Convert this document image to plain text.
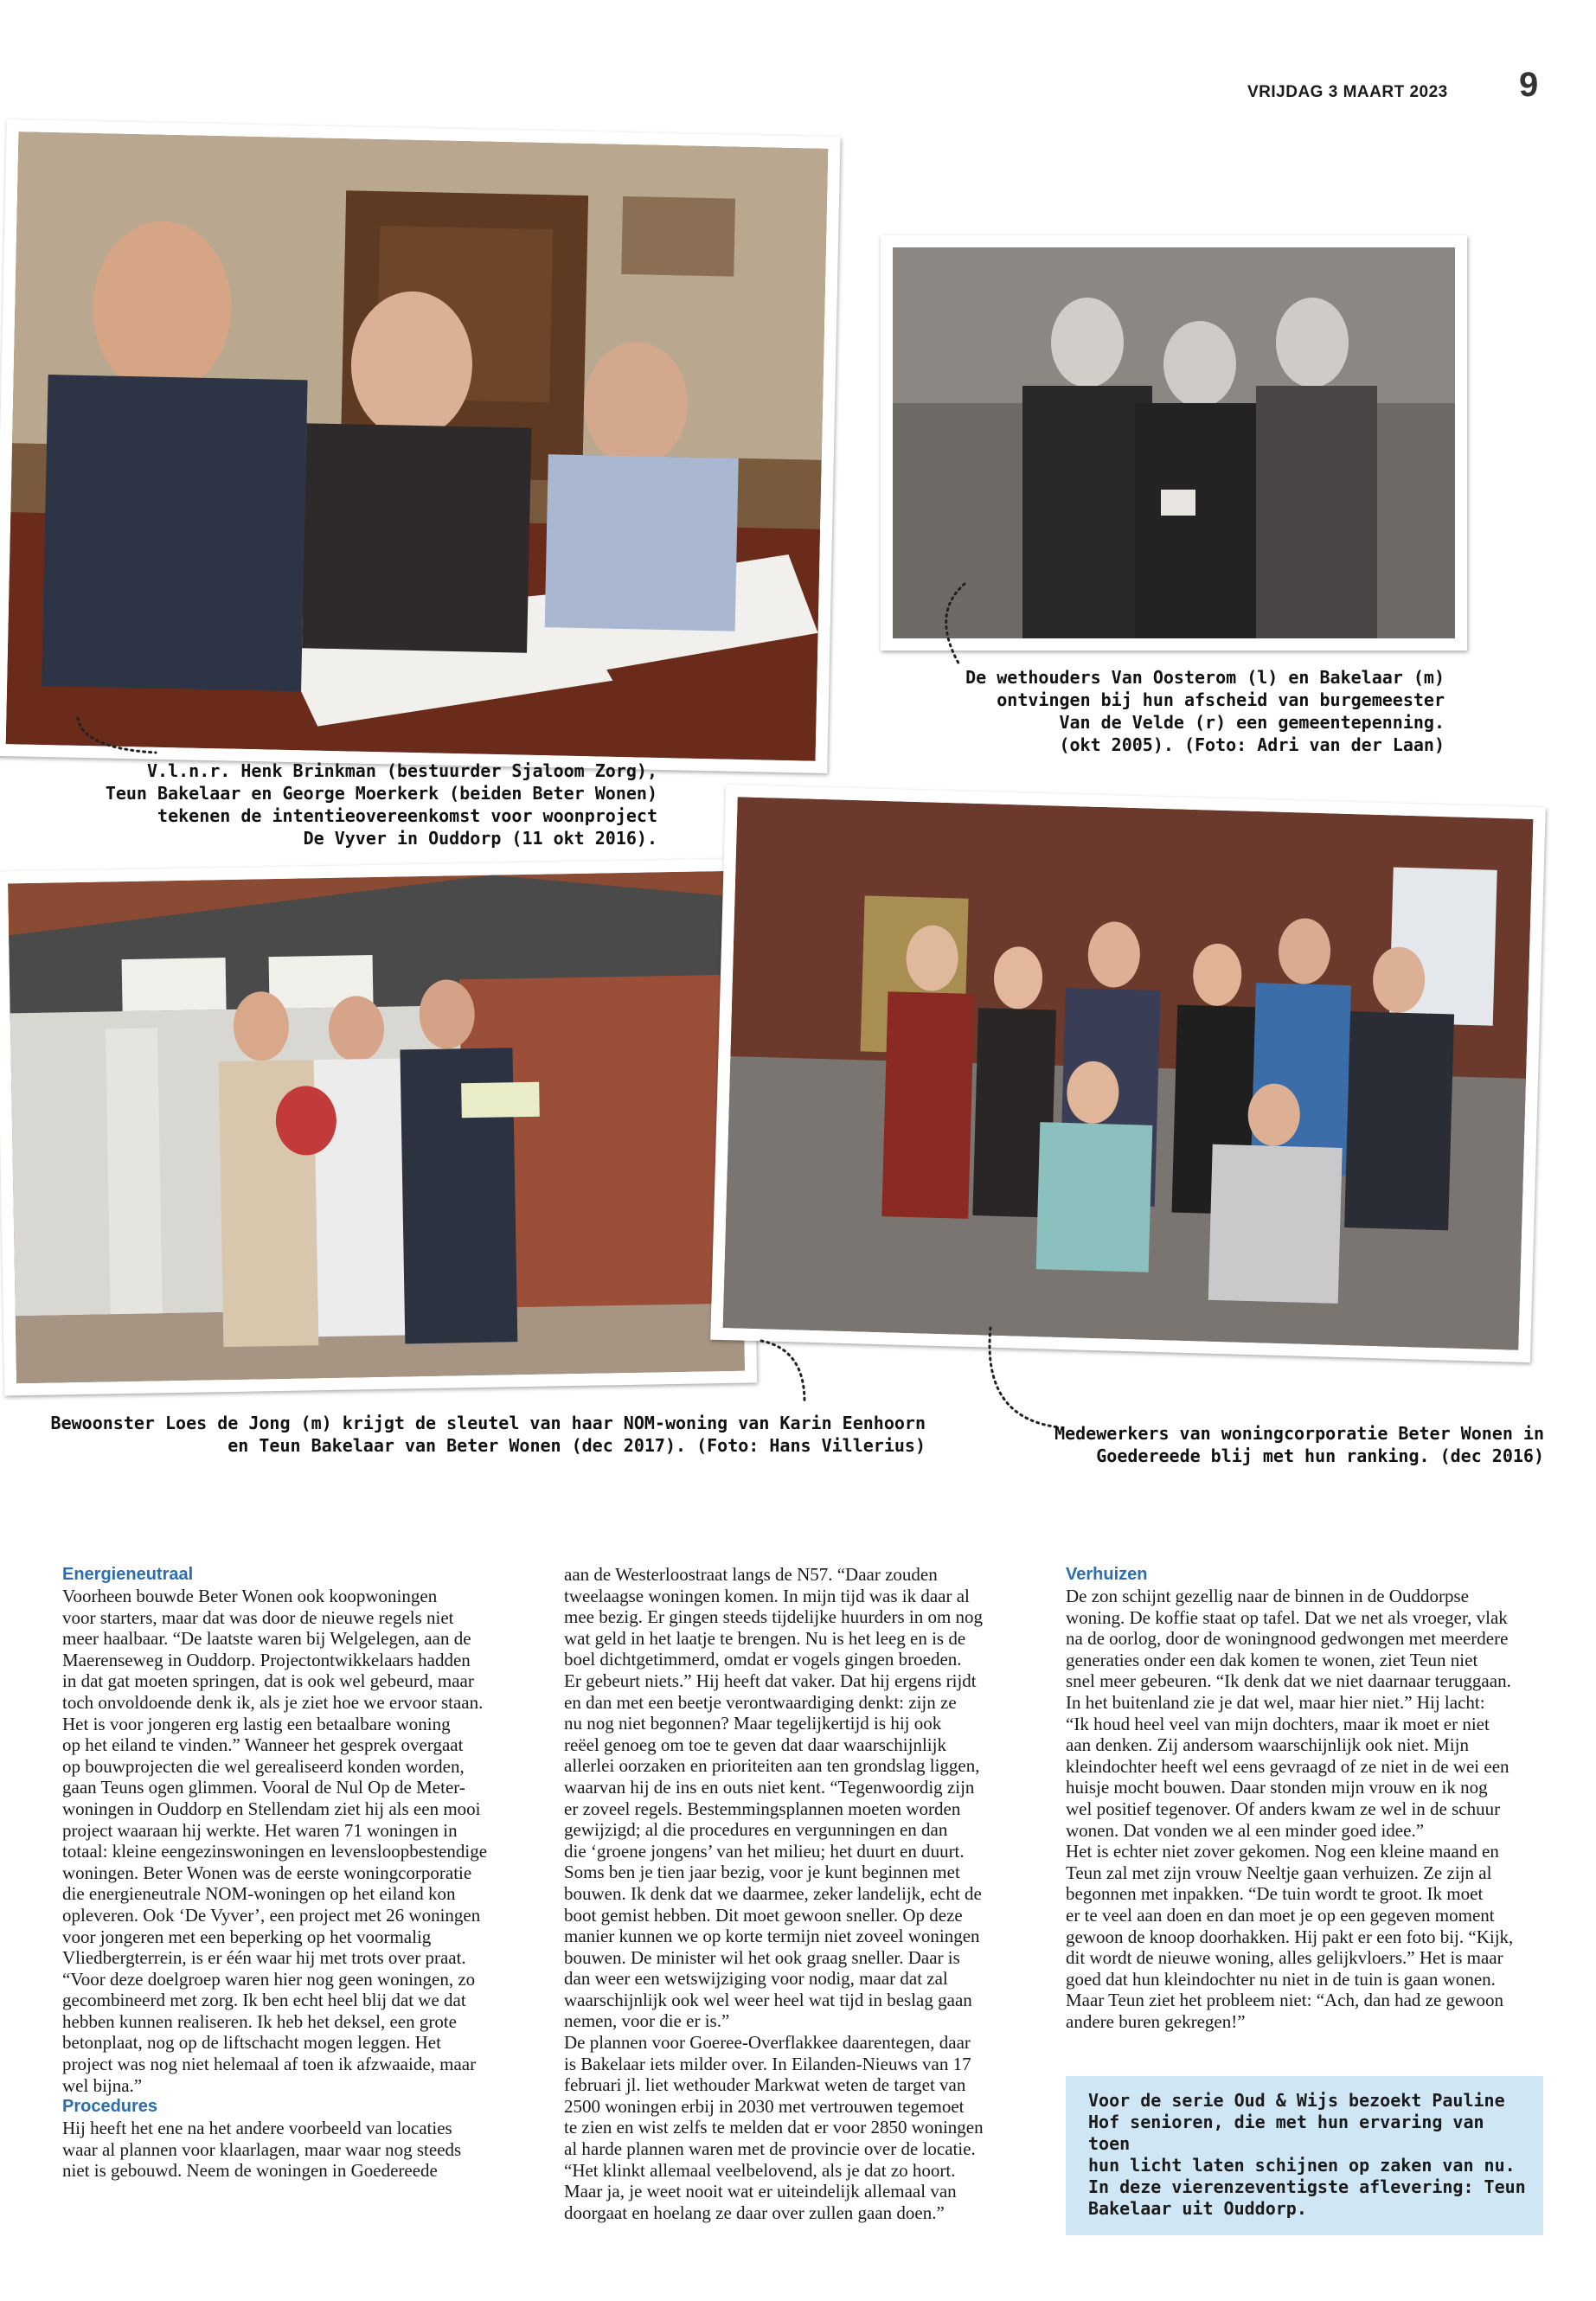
VRIJDAG 3 MAART 2023 9
V.l.n.r. Henk Brinkman (bestuurder Sjaloom Zorg),
Teun Bakelaar en George Moerkerk (beiden Beter Wonen)
tekenen de intentieovereenkomst voor woonproject
De Vyver in Ouddorp (11 okt 2016).
De wethouders Van Oosterom (l) en Bakelaar (m)
ontvingen bij hun afscheid van burgemeester
Van de Velde (r) een gemeentepenning.
(okt 2005). (Foto: Adri van der Laan)
Bewoonster Loes de Jong (m) krijgt de sleutel van haar NOM-woning van Karin Eenhoorn
en Teun Bakelaar van Beter Wonen (dec 2017). (Foto: Hans Villerius)
Medewerkers van woningcorporatie Beter Wonen in
Goedereede blij met hun ranking. (dec 2016)
Energieneutraal

Voorheen bouwde Beter Wonen ook koopwoningen

voor starters, maar dat was door de nieuwe regels niet

meer haalbaar. “De laatste waren bij Welgelegen, aan de

Maerenseweg in Ouddorp. Projectontwikkelaars hadden

in dat gat moeten springen, dat is ook wel gebeurd, maar

toch onvoldoende denk ik, als je ziet hoe we ervoor staan.

Het is voor jongeren erg lastig een betaalbare woning

op het eiland te vinden.” Wanneer het gesprek overgaat

op bouwprojecten die wel gerealiseerd konden worden,

gaan Teuns ogen glimmen. Vooral de Nul Op de Meter-

woningen in Ouddorp en Stellendam ziet hij als een mooi

project waaraan hij werkte. Het waren 71 woningen in

totaal: kleine eengezinswoningen en levensloopbestendige

woningen. Beter Wonen was de eerste woningcorporatie

die energieneutrale NOM-woningen op het eiland kon

opleveren. Ook ‘De Vyver’, een project met 26 woningen

voor jongeren met een beperking op het voormalig

Vliedbergterrein, is er één waar hij met trots over praat.

“Voor deze doelgroep waren hier nog geen woningen, zo

gecombineerd met zorg. Ik ben echt heel blij dat we dat

hebben kunnen realiseren. Ik heb het deksel, een grote

betonplaat, nog op de liftschacht mogen leggen. Het

project was nog niet helemaal af toen ik afzwaaide, maar

wel bijna.”

Procedures

Hij heeft het ene na het andere voorbeeld van locaties

waar al plannen voor klaarlagen, maar waar nog steeds

niet is gebouwd. Neem de woningen in Goedereede

aan de Westerloostraat langs de N57. “Daar zouden

tweelaagse woningen komen. In mijn tijd was ik daar al

mee bezig. Er gingen steeds tijdelijke huurders in om nog

wat geld in het laatje te brengen. Nu is het leeg en is de

boel dichtgetimmerd, omdat er vogels gingen broeden.

Er gebeurt niets.” Hij heeft dat vaker. Dat hij ergens rijdt

en dan met een beetje verontwaardiging denkt: zijn ze

nu nog niet begonnen? Maar tegelijkertijd is hij ook

reëel genoeg om toe te geven dat daar waarschijnlijk

allerlei oorzaken en prioriteiten aan ten grondslag liggen,

waarvan hij de ins en outs niet kent. “Tegenwoordig zijn

er zoveel regels. Bestemmingsplannen moeten worden

gewijzigd; al die procedures en vergunningen en dan

die ‘groene jongens’ van het milieu; het duurt en duurt.

Soms ben je tien jaar bezig, voor je kunt beginnen met

bouwen. Ik denk dat we daarmee, zeker landelijk, echt de

boot gemist hebben. Dit moet gewoon sneller. Op deze

manier kunnen we op korte termijn niet zoveel woningen

bouwen. De minister wil het ook graag sneller. Daar is

dan weer een wetswijziging voor nodig, maar dat zal

waarschijnlijk ook wel weer heel wat tijd in beslag gaan

nemen, voor die er is.”

De plannen voor Goeree-Overflakkee daarentegen, daar

is Bakelaar iets milder over. In Eilanden-Nieuws van 17

februari jl. liet wethouder Markwat weten de target van

2500 woningen erbij in 2030 met vertrouwen tegemoet

te zien en wist zelfs te melden dat er voor 2850 woningen

al harde plannen waren met de provincie over de locatie.

“Het klinkt allemaal veelbelovend, als je dat zo hoort.

Maar ja, je weet nooit wat er uiteindelijk allemaal van

doorgaat en hoelang ze daar over zullen gaan doen.”

Verhuizen

De zon schijnt gezellig naar de binnen in de Ouddorpse

woning. De koffie staat op tafel. Dat we net als vroeger, vlak

na de oorlog, door de woningnood gedwongen met meerdere

generaties onder een dak komen te wonen, ziet Teun niet

snel meer gebeuren. “Ik denk dat we niet daarnaar teruggaan.

In het buitenland zie je dat wel, maar hier niet.” Hij lacht:

“Ik houd heel veel van mijn dochters, maar ik moet er niet

aan denken. Zij andersom waarschijnlijk ook niet. Mijn

kleindochter heeft wel eens gevraagd of ze niet in de wei een

huisje mocht bouwen. Daar stonden mijn vrouw en ik nog

wel positief tegenover. Of anders kwam ze wel in de schuur

wonen. Dat vonden we al een minder goed idee.”

Het is echter niet zover gekomen. Nog een kleine maand en

Teun zal met zijn vrouw Neeltje gaan verhuizen. Ze zijn al

begonnen met inpakken. “De tuin wordt te groot. Ik moet

er te veel aan doen en dan moet je op een gegeven moment

gewoon de knoop doorhakken. Hij pakt er een foto bij. “Kijk,

dit wordt de nieuwe woning, alles gelijkvloers.” Het is maar

goed dat hun kleindochter nu niet in de tuin is gaan wonen.

Maar Teun ziet het probleem niet: “Ach, dan had ze gewoon

andere buren gekregen!”

Voor de serie Oud & Wijs bezoekt Pauline
Hof senioren, die met hun ervaring van toen
hun licht laten schijnen op zaken van nu.
In deze vierenzeventigste aflevering: Teun
Bakelaar uit Ouddorp.
